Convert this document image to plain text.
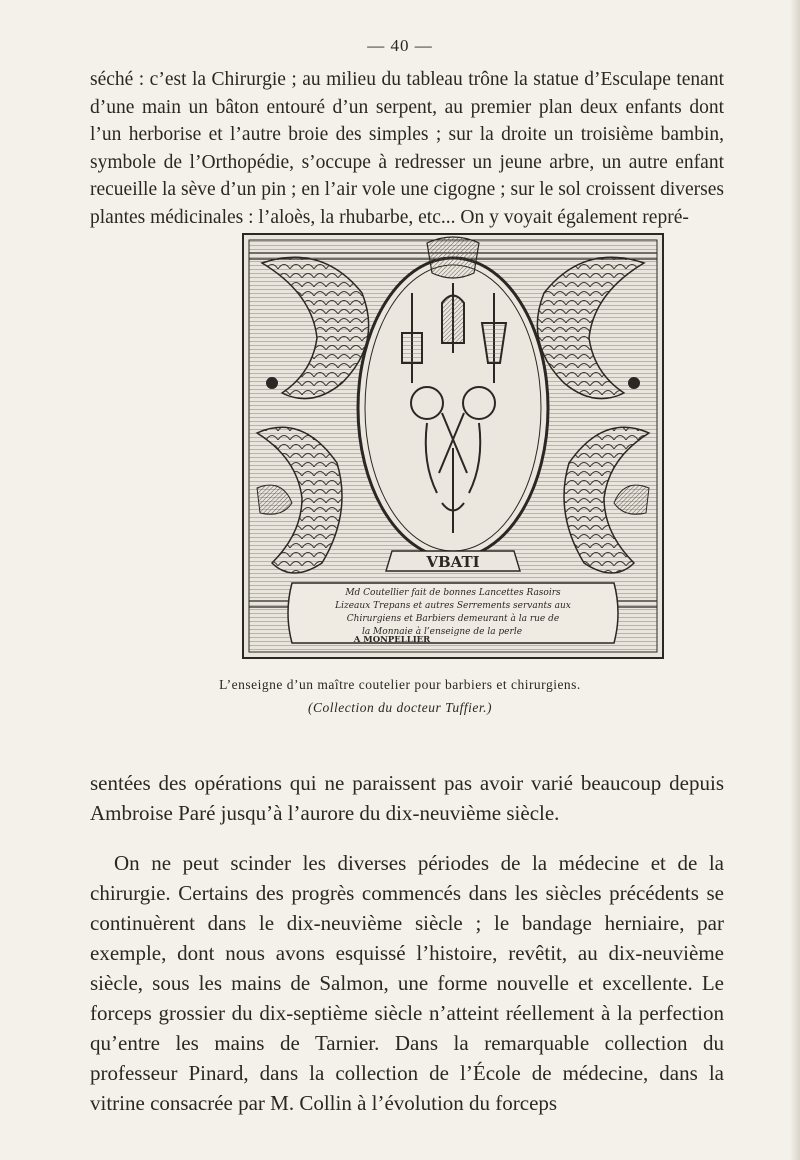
— 40 —

séché : c’est la Chirurgie ; au milieu du tableau trône la statue d’Esculape tenant d’une main un bâton entouré d’un serpent, au premier plan deux enfants dont l’un herborise et l’autre broie des simples ; sur la droite un troisième bambin, symbole de l’Orthopédie, s’occupe à redresser un jeune arbre, un autre enfant recueille la sève d’un pin ; en l’air vole une cigogne ; sur le sol croissent diverses plantes médicinales : l’aloès, la rhubarbe, etc... On y voyait également repré-

VBATI
Md Coutellier fait de bonnes Lancettes Rasoirs
Lizeaux Trepans et autres Serrements servants aux
Chirurgiens et Barbiers demeurant à la rue de
la Monnaie à l’enseigne de la perle
A MONPELLIER
L’enseigne d’un maître coutelier pour barbiers et chirurgiens.
(Collection du docteur Tuffier.)

sentées des opérations qui ne paraissent pas avoir varié beaucoup depuis Ambroise Paré jusqu’à l’aurore du dix-neuvième siècle.

On ne peut scinder les diverses périodes de la médecine et de la chirurgie. Certains des progrès commencés dans les siècles précédents se continuèrent dans le dix-neuvième siècle ; le bandage herniaire, par exemple, dont nous avons esquissé l’histoire, revêtit, au dix-neuvième siècle, sous les mains de Salmon, une forme nouvelle et excellente. Le forceps grossier du dix-septième siècle n’atteint réellement à la perfection qu’entre les mains de Tarnier. Dans la remarquable collection du professeur Pinard, dans la collection de l’École de médecine, dans la vitrine consacrée par M. Collin à l’évolution du forceps
